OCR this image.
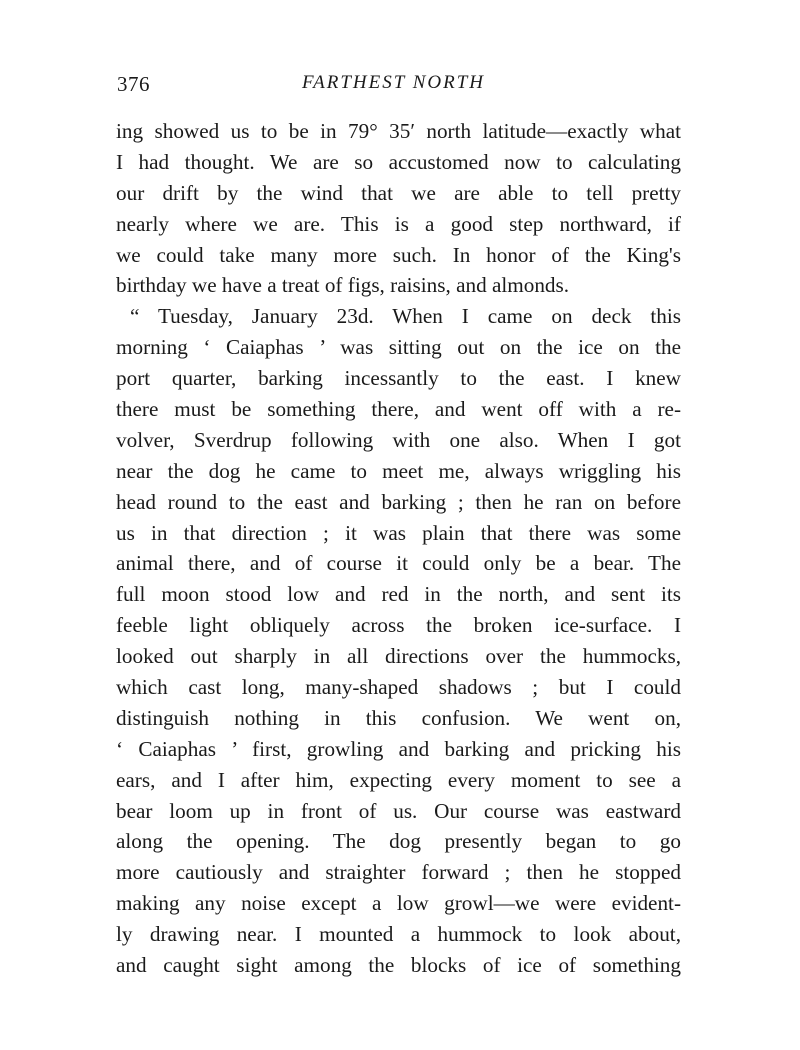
376	FARTHEST NORTH
ing showed us to be in 79° 35′ north latitude—exactly what
I had thought. We are so accustomed now to calculating
our drift by the wind that we are able to tell pretty
nearly where we are. This is a good step northward, if
we could take many more such. In honor of the King's
birthday we have a treat of figs, raisins, and almonds.
“ Tuesday, January 23d. When I came on deck this
morning ‘ Caiaphas ’ was sitting out on the ice on the
port quarter, barking incessantly to the east. I knew
there must be something there, and went off with a re-
volver, Sverdrup following with one also. When I got
near the dog he came to meet me, always wriggling his
head round to the east and barking ; then he ran on before
us in that direction ; it was plain that there was some
animal there, and of course it could only be a bear. The
full moon stood low and red in the north, and sent its
feeble light obliquely across the broken ice-surface. I
looked out sharply in all directions over the hummocks,
which cast long, many-shaped shadows ; but I could
distinguish nothing in this confusion. We went on,
‘ Caiaphas ’ first, growling and barking and pricking his
ears, and I after him, expecting every moment to see a
bear loom up in front of us. Our course was eastward
along the opening. The dog presently began to go
more cautiously and straighter forward ; then he stopped
making any noise except a low growl—we were evident-
ly drawing near. I mounted a hummock to look about,
and caught sight among the blocks of ice of something
